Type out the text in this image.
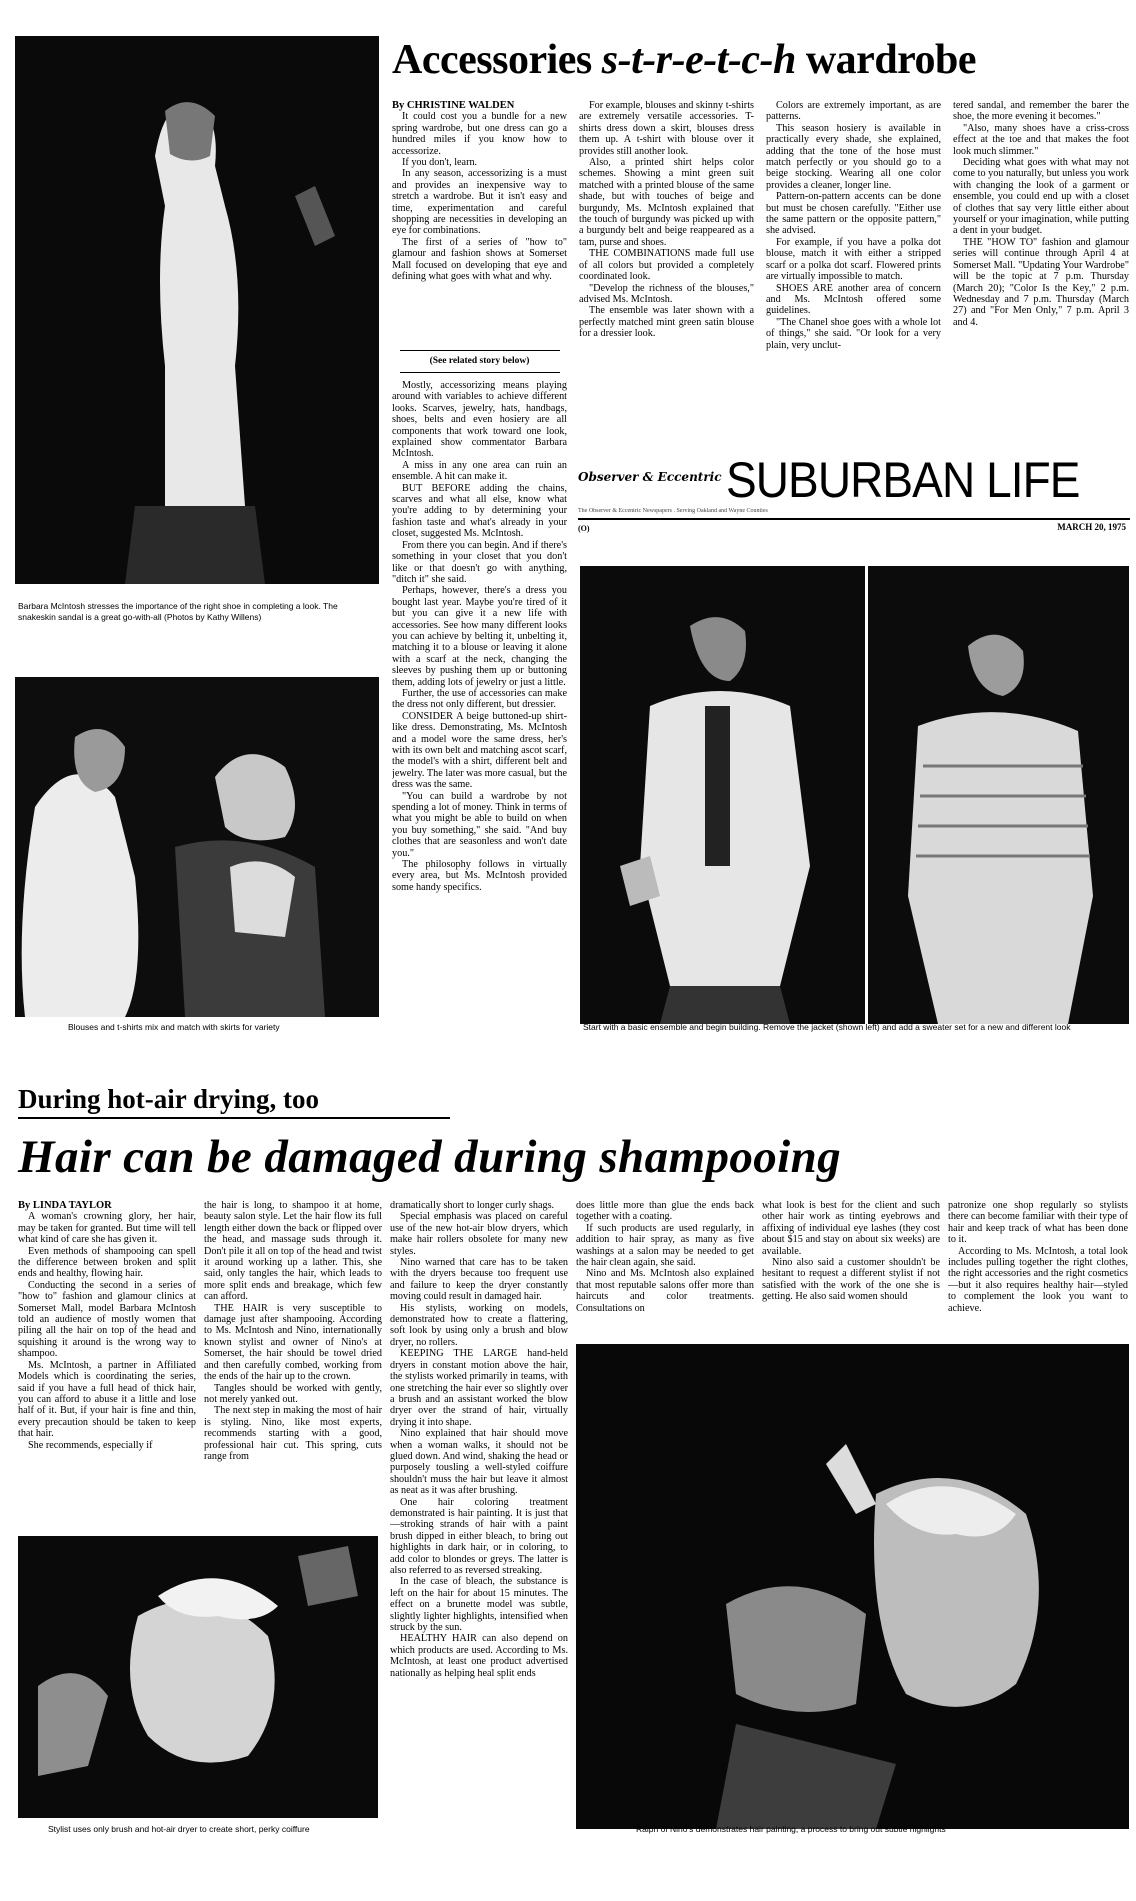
Accessories s-t-r-e-t-c-h wardrobe
Barbara McIntosh stresses the importance of the right shoe in completing a look. The snakeskin sandal is a great go-with-all (Photos by Kathy Willens)
Blouses and t-shirts mix and match with skirts for variety

By CHRISTINE WALDEN

It could cost you a bundle for a new spring wardrobe, but one dress can go a hundred miles if you know how to accessorize.

If you don't, learn.

In any season, accessorizing is a must and provides an inexpensive way to stretch a wardrobe. But it isn't easy and time, experimentation and careful shopping are necessities in developing an eye for combinations.

The first of a series of "how to" glamour and fashion shows at Somerset Mall focused on developing that eye and defining what goes with what and why.

(See related story below)

For example, blouses and skinny t-shirts are extremely versatile accessories. T-shirts dress down a skirt, blouses dress them up. A t-shirt with blouse over it provides still another look.

Also, a printed shirt helps color schemes. Showing a mint green suit matched with a printed blouse of the same shade, but with touches of beige and burgundy, Ms. McIntosh explained that the touch of burgundy was picked up with a burgundy belt and beige reappeared as a tam, purse and shoes.

THE COMBINATIONS made full use of all colors but provided a completely coordinated look.

"Develop the richness of the blouses," advised Ms. McIntosh.

The ensemble was later shown with a perfectly matched mint green satin blouse for a dressier look.

Colors are extremely important, as are patterns.

This season hosiery is available in practically every shade, she explained, adding that the tone of the hose must match perfectly or you should go to a beige stocking. Wearing all one color provides a cleaner, longer line.

Pattern-on-pattern accents can be done but must be chosen carefully. "Either use the same pattern or the opposite pattern," she advised.

For example, if you have a polka dot blouse, match it with either a stripped scarf or a polka dot scarf. Flowered prints are virtually impossible to match.

SHOES ARE another area of concern and Ms. McIntosh offered some guidelines.

"The Chanel shoe goes with a whole lot of things," she said. "Or look for a very plain, very unclut-

tered sandal, and remember the barer the shoe, the more evening it becomes."

"Also, many shoes have a criss-cross effect at the toe and that makes the foot look much slimmer."

Deciding what goes with what may not come to you naturally, but unless you work with changing the look of a garment or ensemble, you could end up with a closet of clothes that say very little either about yourself or your imagination, while putting a dent in your budget.

THE "HOW TO" fashion and glamour series will continue through April 4 at Somerset Mall. "Updating Your Wardrobe" will be the topic at 7 p.m. Thursday (March 20); "Color Is the Key," 2 p.m. Wednesday and 7 p.m. Thursday (March 27) and "For Men Only," 7 p.m. April 3 and 4.

Mostly, accessorizing means playing around with variables to achieve different looks. Scarves, jewelry, hats, handbags, shoes, belts and even hosiery are all components that work toward one look, explained show commentator Barbara McIntosh.

A miss in any one area can ruin an ensemble. A hit can make it.

BUT BEFORE adding the chains, scarves and what all else, know what you're adding to by determining your fashion taste and what's already in your closet, suggested Ms. McIntosh.

From there you can begin. And if there's something in your closet that you don't like or that doesn't go with anything, "ditch it" she said.

Perhaps, however, there's a dress you bought last year. Maybe you're tired of it but you can give it a new life with accessories. See how many different looks you can achieve by belting it, unbelting it, matching it to a blouse or leaving it alone with a scarf at the neck, changing the sleeves by pushing them up or buttoning them, adding lots of jewelry or just a little.

Further, the use of accessories can make the dress not only different, but dressier.

CONSIDER A beige buttoned-up shirt-like dress. Demonstrating, Ms. McIntosh and a model wore the same dress, her's with its own belt and matching ascot scarf, the model's with a shirt, different belt and jewelry. The later was more casual, but the dress was the same.

"You can build a wardrobe by not spending a lot of money. Think in terms of what you might be able to build on when you buy something," she said. "And buy clothes that are seasonless and won't date you."

The philosophy follows in virtually every area, but Ms. McIntosh provided some handy specifics.

Observer & Eccentric SUBURBAN LIFE
The Observer & Eccentric Newspapers . Serving Oakland and Wayne Counties
(O)	MARCH 20, 1975
Start with a basic ensemble and begin building. Remove the jacket (shown left) and add a sweater set for a new and different look
During hot-air drying, too
Hair can be damaged during shampooing

By LINDA TAYLOR

A woman's crowning glory, her hair, may be taken for granted. But time will tell what kind of care she has given it.

Even methods of shampooing can spell the difference between broken and split ends and healthy, flowing hair.

Conducting the second in a series of "how to" fashion and glamour clinics at Somerset Mall, model Barbara McIntosh told an audience of mostly women that piling all the hair on top of the head and squishing it around is the wrong way to shampoo.

Ms. McIntosh, a partner in Affiliated Models which is coordinating the series, said if you have a full head of thick hair, you can afford to abuse it a little and lose half of it. But, if your hair is fine and thin, every precaution should be taken to keep that hair.

She recommends, especially if

the hair is long, to shampoo it at home, beauty salon style. Let the hair flow its full length either down the back or flipped over the head, and massage suds through it. Don't pile it all on top of the head and twist it around working up a lather. This, she said, only tangles the hair, which leads to more split ends and breakage, which few can afford.

THE HAIR is very susceptible to damage just after shampooing. According to Ms. McIntosh and Nino, internationally known stylist and owner of Nino's at Somerset, the hair should be towel dried and then carefully combed, working from the ends of the hair up to the crown.

Tangles should be worked with gently, not merely yanked out.

The next step in making the most of hair is styling. Nino, like most experts, recommends starting with a good, professional hair cut. This spring, cuts range from

dramatically short to longer curly shags.

Special emphasis was placed on careful use of the new hot-air blow dryers, which make hair rollers obsolete for many new styles.

Nino warned that care has to be taken with the dryers because too frequent use and failure to keep the dryer constantly moving could result in damaged hair.

His stylists, working on models, demonstrated how to create a flattering, soft look by using only a brush and blow dryer, no rollers.

KEEPING THE LARGE hand-held dryers in constant motion above the hair, the stylists worked primarily in teams, with one stretching the hair ever so slightly over a brush and an assistant worked the blow dryer over the strand of hair, virtually drying it into shape.

Nino explained that hair should move when a woman walks, it should not be glued down. And wind, shaking the head or purposely tousling a well-styled coiffure shouldn't muss the hair but leave it almost as neat as it was after brushing.

One hair coloring treatment demonstrated is hair painting. It is just that—stroking strands of hair with a paint brush dipped in either bleach, to bring out highlights in dark hair, or in coloring, to add color to blondes or greys. The latter is also referred to as reversed streaking.

In the case of bleach, the substance is left on the hair for about 15 minutes. The effect on a brunette model was subtle, slightly lighter highlights, intensified when struck by the sun.

HEALTHY HAIR can also depend on which products are used. According to Ms. McIntosh, at least one product advertised nationally as helping heal split ends

does little more than glue the ends back together with a coating.

If such products are used regularly, in addition to hair spray, as many as five washings at a salon may be needed to get the hair clean again, she said.

Nino and Ms. McIntosh also explained that most reputable salons offer more than haircuts and color treatments. Consultations on

what look is best for the client and such other hair work as tinting eyebrows and affixing of individual eye lashes (they cost about $15 and stay on about six weeks) are available.

Nino also said a customer shouldn't be hesitant to request a different stylist if not satisfied with the work of the one she is getting. He also said women should

patronize one shop regularly so stylists there can become familiar with their type of hair and keep track of what has been done to it.

According to Ms. McIntosh, a total look includes pulling together the right clothes, the right accessories and the right cosmetics—but it also requires healthy hair—styled to complement the look you want to achieve.

Stylist uses only brush and hot-air dryer to create short, perky coiffure	Ralph of Nino's demonstrates hair painting, a process to bring out subtle highlights
